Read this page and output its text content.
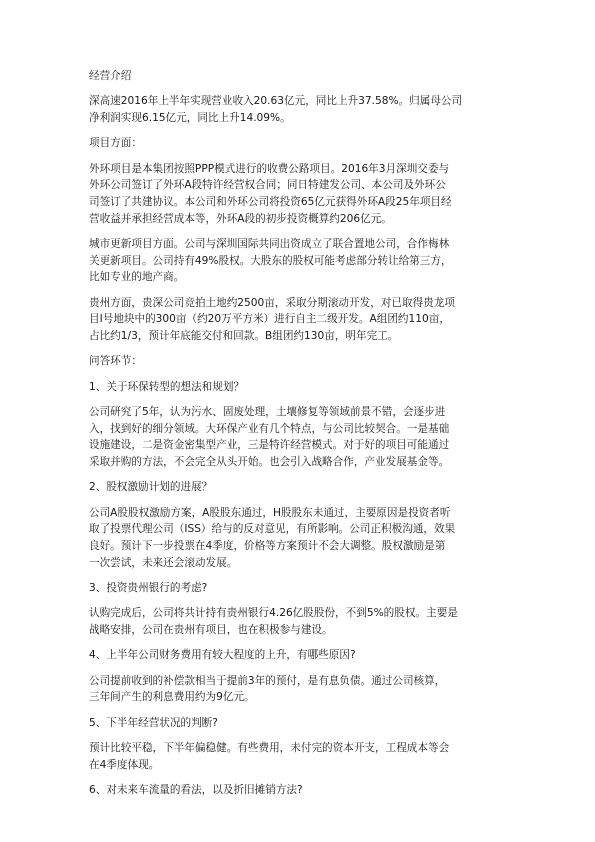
经营介绍
深高速2016年上半年实现营业收入20.63亿元，同比上升37.58%。归属母公司
净利润实现6.15亿元，同比上升14.09%。
项目方面：
外环项目是本集团按照PPP模式进行的收费公路项目。2016年3月深圳交委与
外环公司签订了外环A段特许经营权合同；同日特建发公司、本公司及外环公
司签订了共建协议。本公司和外环公司将投资65亿元获得外环A段25年项目经
营收益并承担经营成本等，外环A段的初步投资概算约206亿元。
城市更新项目方面。公司与深圳国际共同出资成立了联合置地公司，合作梅林
关更新项目。公司持有49%股权。大股东的股权可能考虑部分转让给第三方，
比如专业的地产商。
贵州方面，贵深公司竞拍土地约2500亩，采取分期滚动开发，对已取得贵龙项
目Ⅰ号地块中的300亩（约20万平方米）进行自主二级开发。A组团约110亩，
占比约1/3，预计年底能交付和回款。B组团约130亩，明年完工。
问答环节：
1、关于环保转型的想法和规划？
公司研究了5年，认为污水、固废处理，土壤修复等领域前景不错，会逐步进
入，找到好的细分领域。大环保产业有几个特点，与公司比较契合。一是基础
设施建设，二是资金密集型产业，三是特许经营模式。对于好的项目可能通过
采取并购的方法，不会完全从头开始。也会引入战略合作，产业发展基金等。
2、股权激励计划的进展？
公司A股股权激励方案，A股股东通过，H股股东未通过，主要原因是投资者听
取了投票代理公司（ISS）给与的反对意见，有所影响。公司正积极沟通，效果
良好。预计下一步投票在4季度，价格等方案预计不会大调整。股权激励是第
一次尝试，未来还会滚动发展。
3、投资贵州银行的考虑?
认购完成后，公司将共计持有贵州银行4.26亿股股份，不到5%的股权。主要是
战略安排，公司在贵州有项目，也在积极参与建设。
4、上半年公司财务费用有较大程度的上升，有哪些原因?
公司提前收到的补偿款相当于提前3年的预付，是有息负债。通过公司核算，
三年间产生的利息费用约为9亿元。
5、下半年经营状况的判断?
预计比较平稳，下半年偏稳健。有些费用，未付完的资本开支，工程成本等会
在4季度体现。
6、对未来车流量的看法，以及折旧摊销方法?
